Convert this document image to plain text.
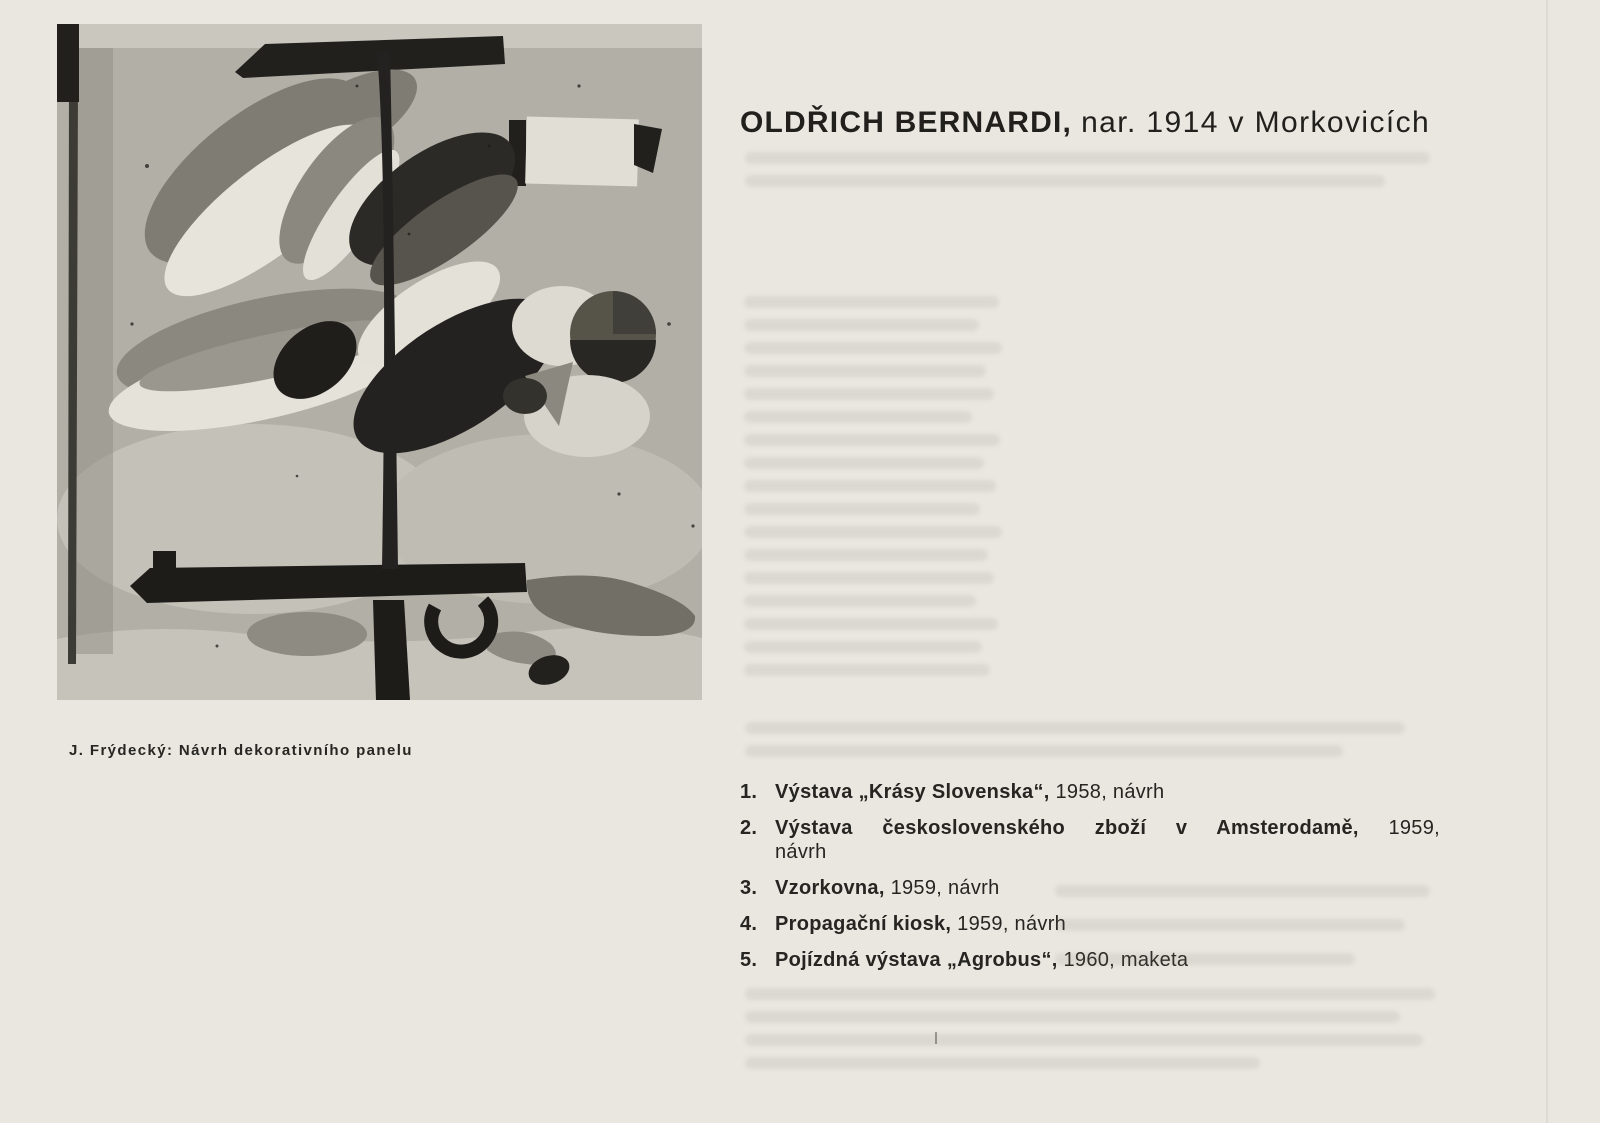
J. Frýdecký: Návrh dekorativního panelu
OLDŘICH BERNARDI, nar. 1914 v Morkovicích
1. Výstava „Krásy Slovenska“, 1958, návrh
2. Výstava československého zboží v Amsterodamě, 1959,
návrh
3. Vzorkovna, 1959, návrh
4. Propagační kiosk, 1959, návrh
5. Pojízdná výstava „Agrobus“, 1960, maketa
